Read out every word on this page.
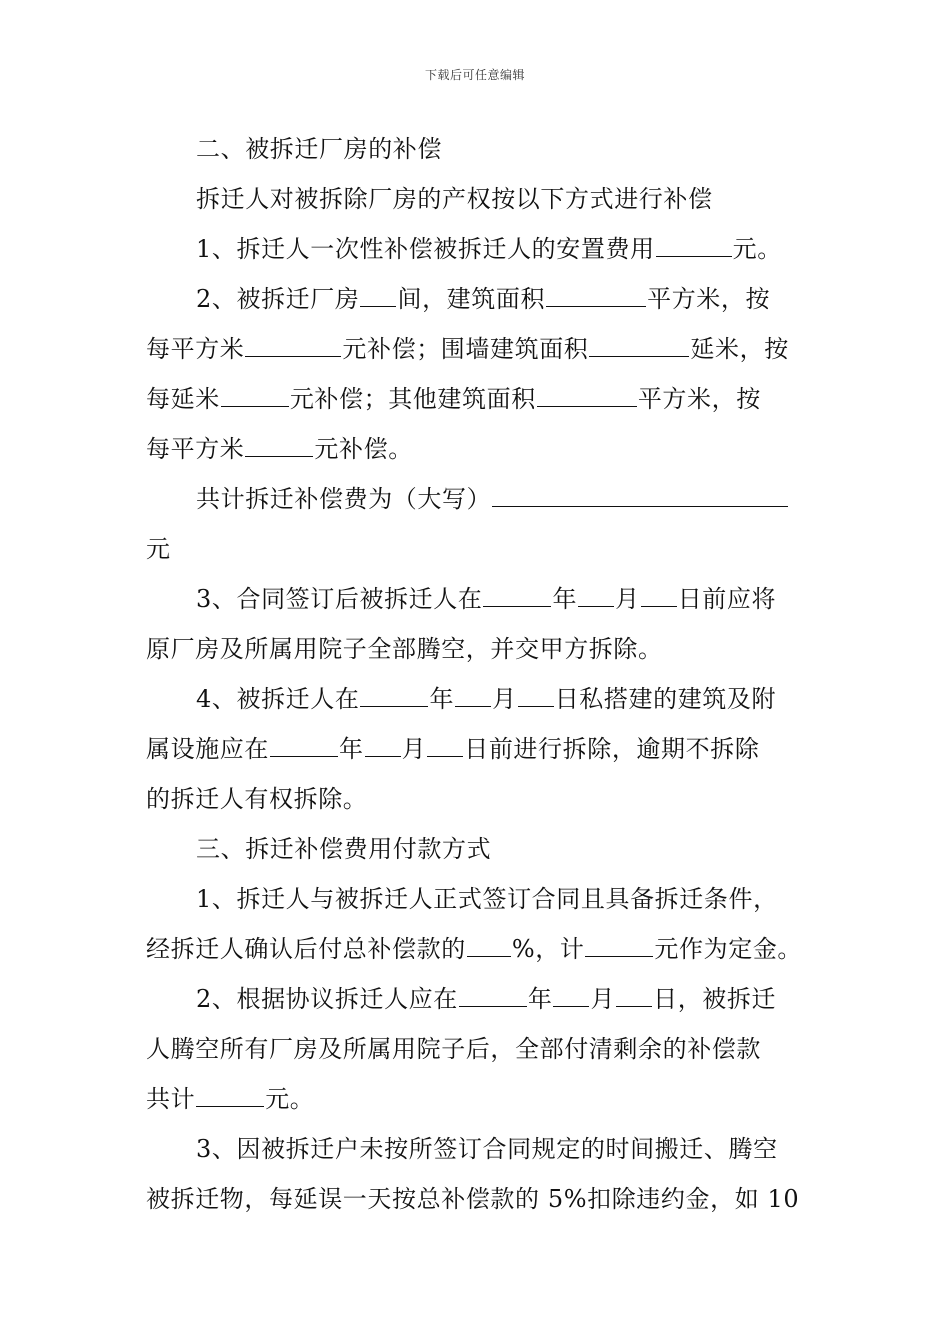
下载后可任意编辑
二、被拆迁厂房的补偿
拆迁人对被拆除厂房的产权按以下方式进行补偿
1、拆迁人一次性补偿被拆迁人的安置费用	元。
2、被拆迁厂房 间，建筑面积	平方米，按
每平方米	元补偿；围墙建筑面积	延米，按
每延米	元补偿；其他建筑面积	平方米，按
每平方米	元补偿。
共计拆迁补偿费为（大写）
元
3、合同签订后被拆迁人在	年 月 日前应将
原厂房及所属用院子全部腾空，并交甲方拆除。
4、被拆迁人在	年 月 日私搭建的建筑及附
属设施应在	年 月 日前进行拆除，逾期不拆除
的拆迁人有权拆除。
三、拆迁补偿费用付款方式
1、拆迁人与被拆迁人正式签订合同且具备拆迁条件，
经拆迁人确认后付总补偿款的 %，计	元作为定金。
2、根据协议拆迁人应在	年 月 日，被拆迁
人腾空所有厂房及所属用院子后，全部付清剩余的补偿款
共计	元。
3、因被拆迁户未按所签订合同规定的时间搬迁、腾空
被拆迁物，每延误一天按总补偿款的 5%扣除违约金，如 10
